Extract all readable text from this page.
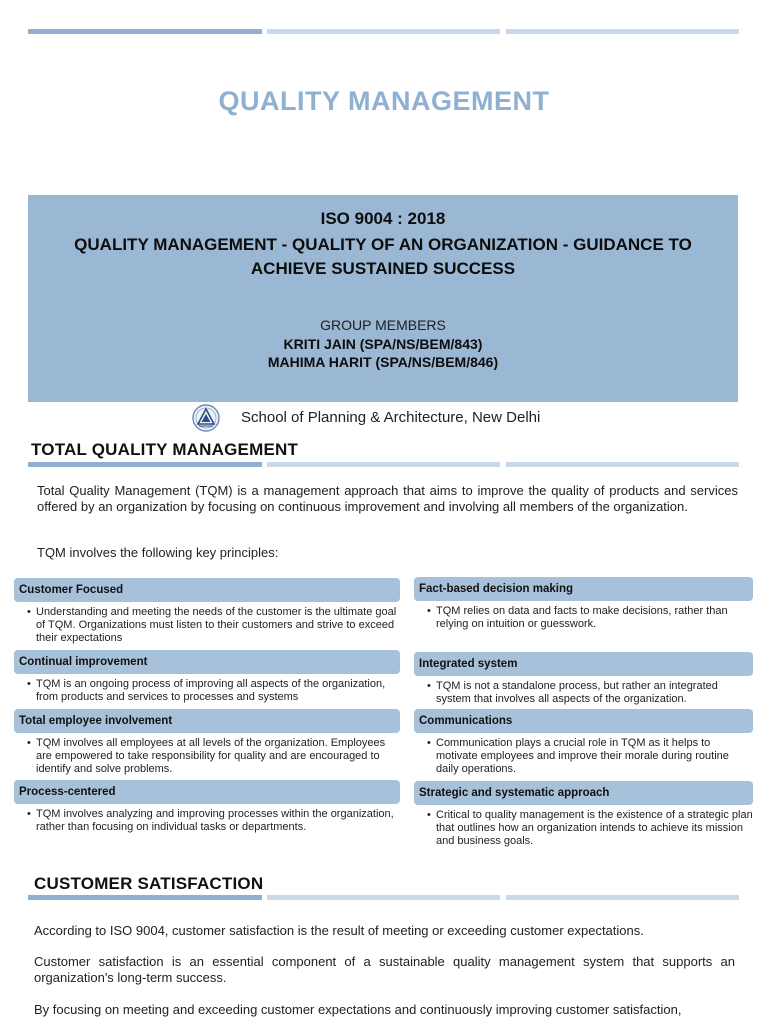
QUALITY MANAGEMENT
ISO 9004 : 2018
QUALITY MANAGEMENT - QUALITY OF AN ORGANIZATION - GUIDANCE TO ACHIEVE SUSTAINED SUCCESS
GROUP MEMBERS
KRITI JAIN (SPA/NS/BEM/843)
MAHIMA HARIT (SPA/NS/BEM/846)
School of Planning & Architecture, New Delhi
TOTAL QUALITY MANAGEMENT
Total Quality Management (TQM) is a management approach that aims to improve the quality of products and services offered by an organization by focusing on continuous improvement and involving all members of the organization.
TQM involves the following key principles:
Customer Focused
• Understanding and meeting the needs of the customer is the ultimate goal of TQM. Organizations must listen to their customers and strive to exceed their expectations
Continual improvement
• TQM is an ongoing process of improving all aspects of the organization, from products and services to processes and systems
Total employee involvement
• TQM involves all employees at all levels of the organization. Employees are empowered to take responsibility for quality and are encouraged to identify and solve problems.
Process-centered
• TQM involves analyzing and improving processes within the organization, rather than focusing on individual tasks or departments.
Fact-based decision making
• TQM relies on data and facts to make decisions, rather than relying on intuition or guesswork.
Integrated system
• TQM is not a standalone process, but rather an integrated system that involves all aspects of the organization.
Communications
• Communication plays a crucial role in TQM as it helps to motivate employees and improve their morale during routine daily operations.
Strategic and systematic approach
• Critical to quality management is the existence of a strategic plan that outlines how an organization intends to achieve its mission and business goals.
CUSTOMER SATISFACTION
According to ISO 9004, customer satisfaction is the result of meeting or exceeding customer expectations.
Customer satisfaction is an essential component of a sustainable quality management system that supports an organization's long-term success.
By focusing on meeting and exceeding customer expectations and continuously improving customer satisfaction,
